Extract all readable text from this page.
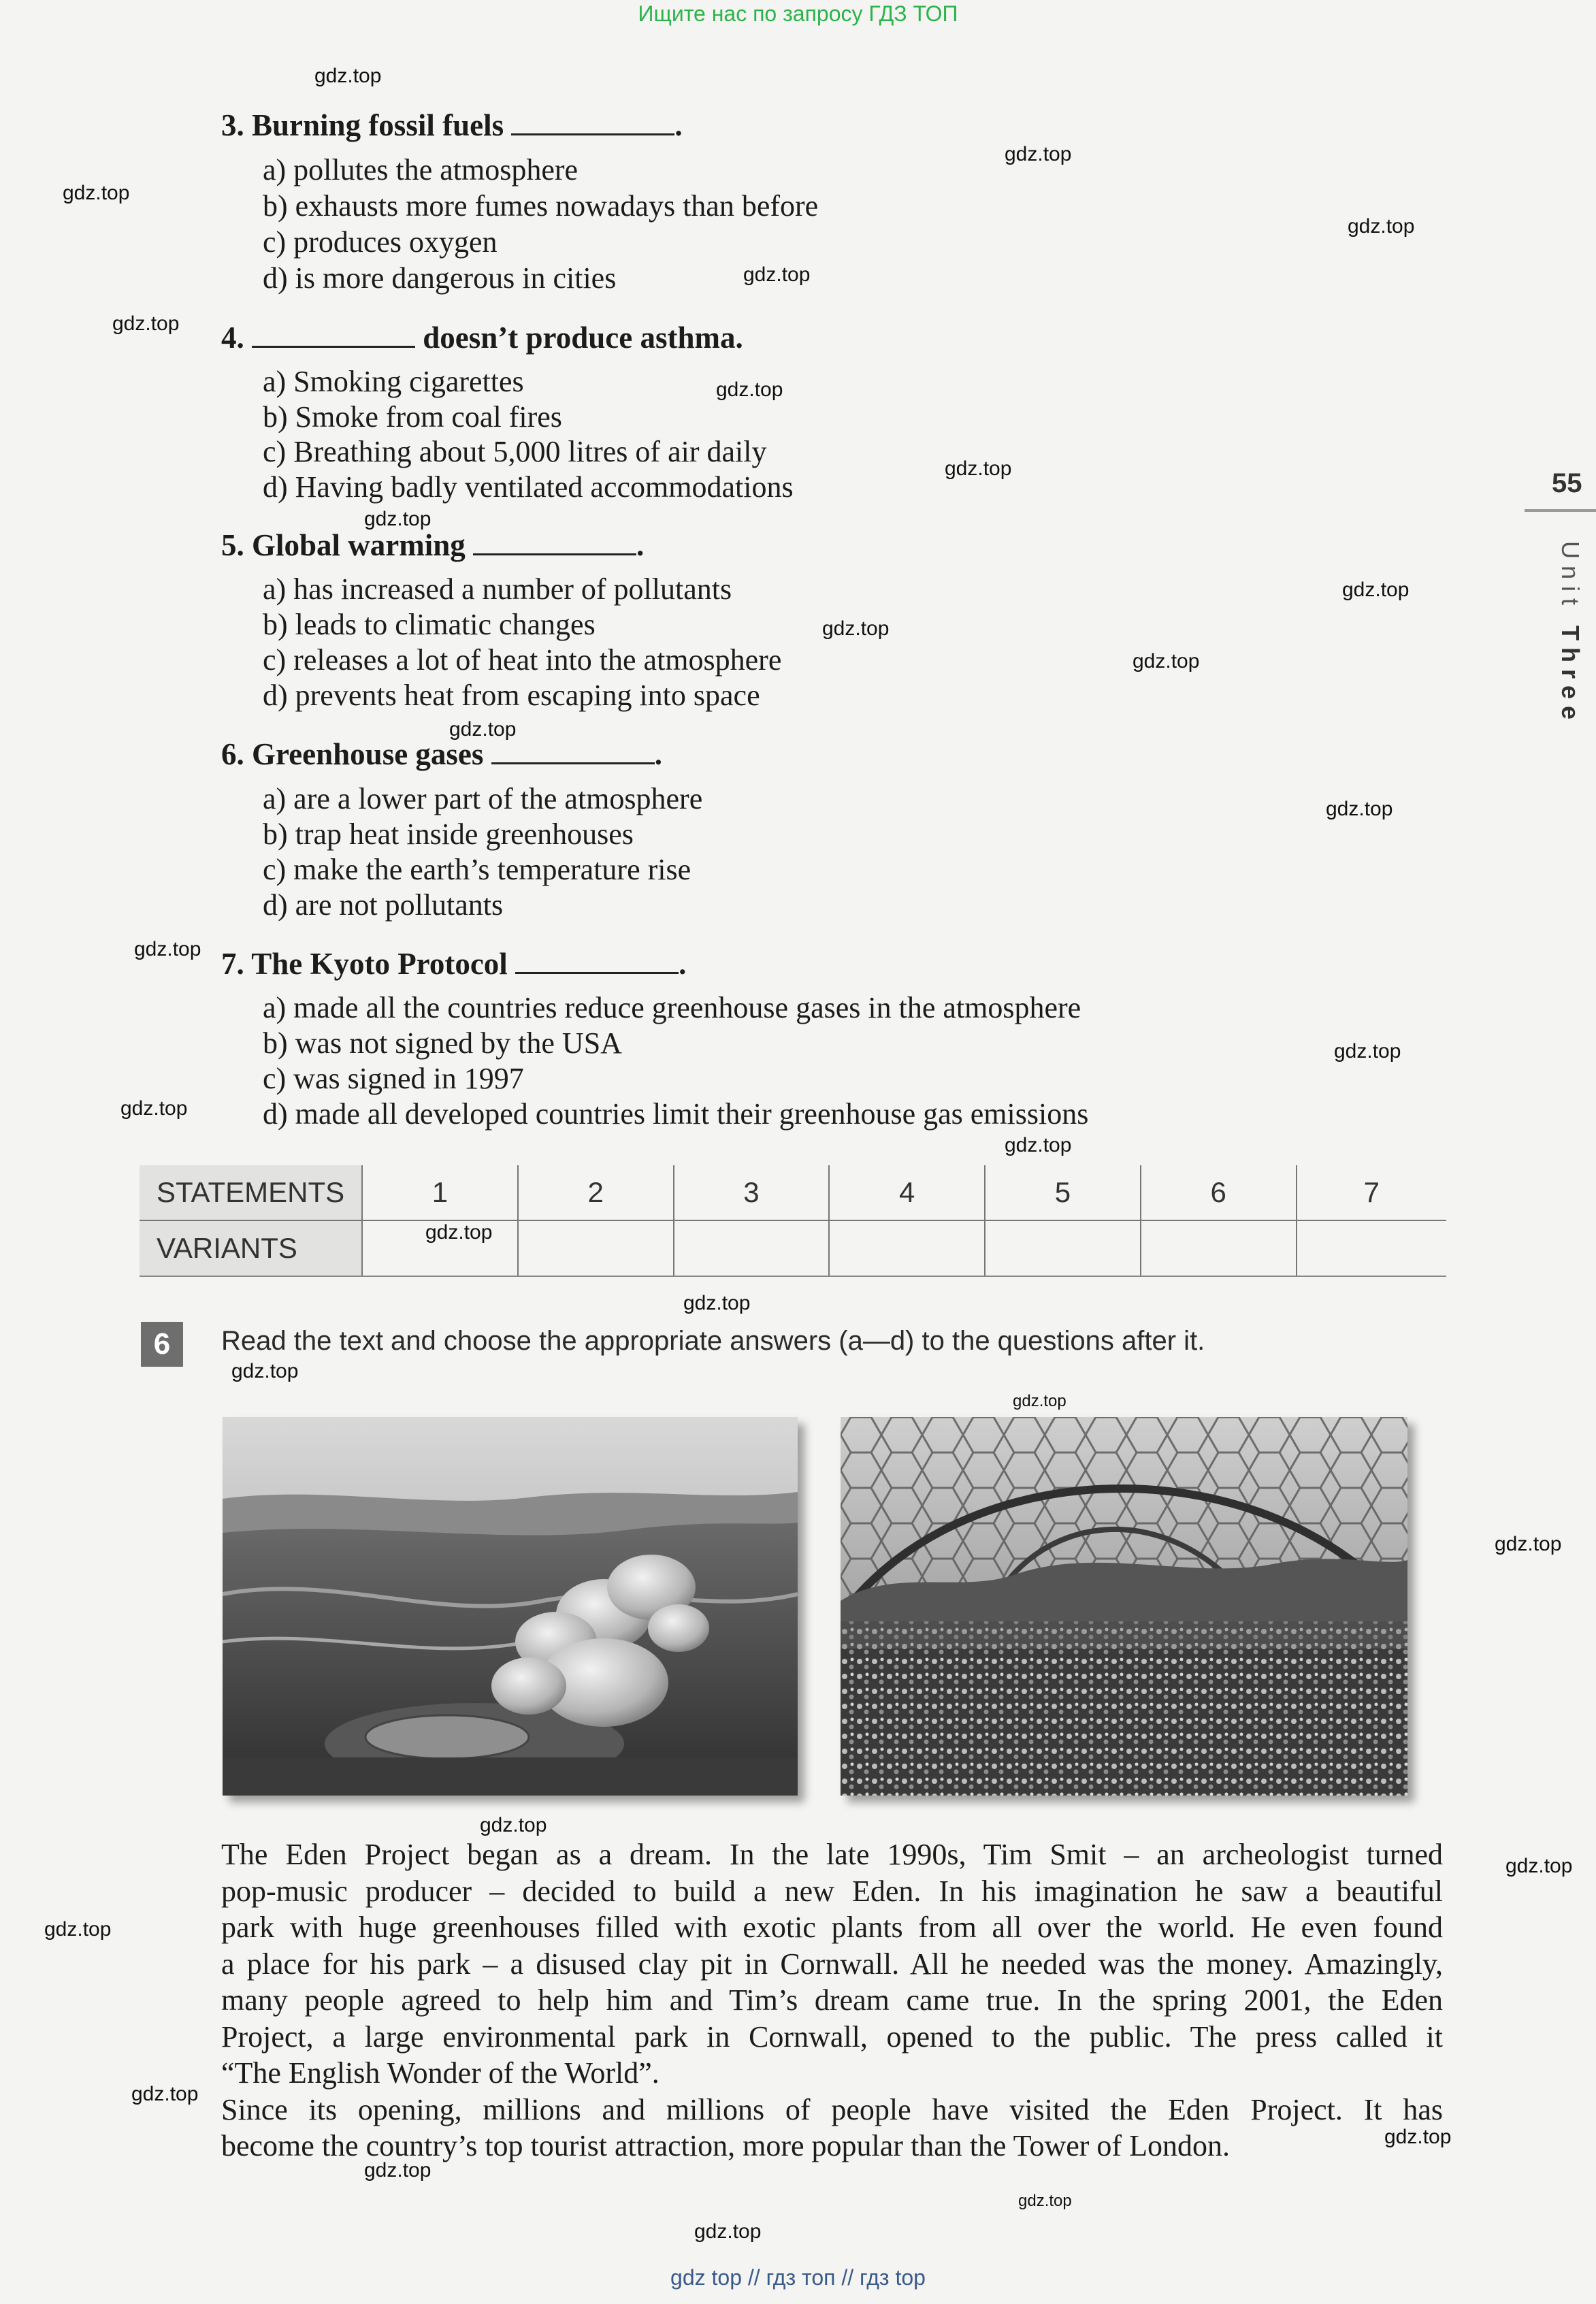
Ищите нас по запросу ГДЗ ТОП
gdz.top
gdz.top
gdz.top
gdz.top
gdz.top
gdz.top
gdz.top
gdz.top
gdz.top
gdz.top
gdz.top
gdz.top
gdz.top
gdz.top
gdz.top
gdz.top
gdz.top
gdz.top
gdz.top
gdz.top
gdz.top
gdz.top
gdz.top
gdz.top
gdz.top
gdz.top
gdz.top
gdz.top
gdz.top
gdz.top
gdz.top
55
Unit Three
3. Burning fossil fuels	.
a) pollutes the atmosphere
b) exhausts more fumes nowadays than before
c) produces oxygen
d) is more dangerous in cities
4.	doesn’t produce asthma.
a) Smoking cigarettes
b) Smoke from coal fires
c) Breathing about 5,000 litres of air daily
d) Having badly ventilated accommodations
5. Global warming	.
a) has increased a number of pollutants
b) leads to climatic changes
c) releases a lot of heat into the atmosphere
d) prevents heat from escaping into space
6. Greenhouse gases	.
a) are a lower part of the atmosphere
b) trap heat inside greenhouses
c) make the earth’s temperature rise
d) are not pollutants
7. The Kyoto Protocol	.
a) made all the countries reduce greenhouse gases in the atmosphere
b) was not signed by the USA
c) was signed in 1997
d) made all developed countries limit their greenhouse gas emissions
STATEMENTS	1	2	3	4	5	6	7
VARIANTS							
6	Read the text and choose the appropriate answers (a—d) to the questions after it.
The Eden Project began as a dream. In the late 1990s, Tim Smit – an archeologist turned
pop-music producer – decided to build a new Eden. In his imagination he saw a beautiful
park with huge greenhouses filled with exotic plants from all over the world. He even found
a place for his park – a disused clay pit in Cornwall. All he needed was the money. Amazingly,
many people agreed to help him and Tim’s dream came true. In the spring 2001, the Eden
Project, a large environmental park in Cornwall, opened to the public. The press called it
“The English Wonder of the World”.
Since its opening, millions and millions of people have visited the Eden Project. It has
become the country’s top tourist attraction, more popular than the Tower of London.
gdz top // гдз топ // гдз top
